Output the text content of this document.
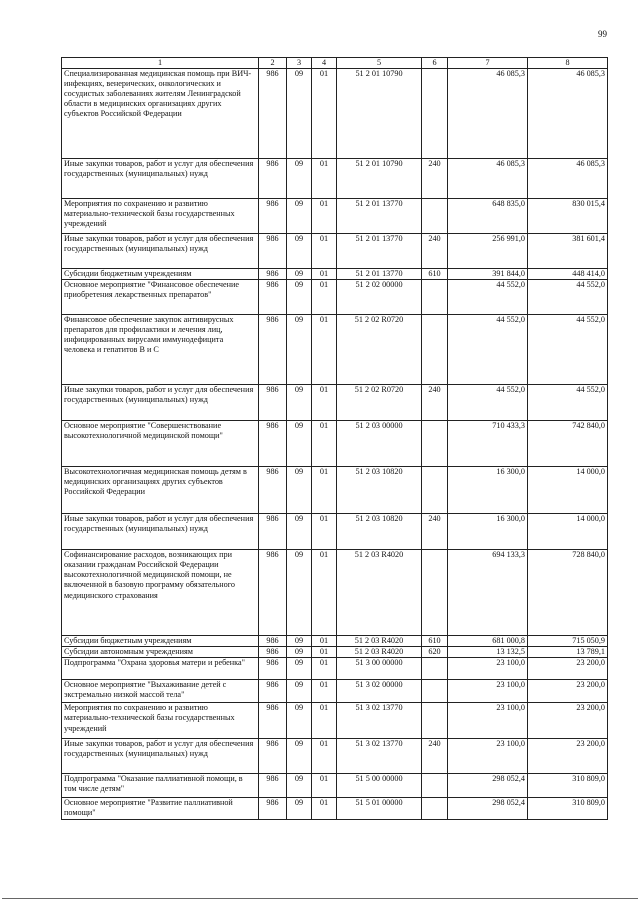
99
1	2	3	4	5	6	7	8
Специализированная медицинская помощь при ВИЧ-инфекциях, венерических, онкологических и сосудистых заболеваниях жителям Ленинградской области в медицинских организациях других субъектов Российской Федерации	986	09	01	51 2 01 10790		46 085,3	46 085,3
Иные закупки товаров, работ и услуг для обеспечения государственных (муниципальных) нужд	986	09	01	51 2 01 10790	240	46 085,3	46 085,3
Мероприятия по сохранению и развитию материально-технической базы государственных учреждений	986	09	01	51 2 01 13770		648 835,0	830 015,4
Иные закупки товаров, работ и услуг для обеспечения государственных (муниципальных) нужд	986	09	01	51 2 01 13770	240	256 991,0	381 601,4
Субсидии бюджетным учреждениям	986	09	01	51 2 01 13770	610	391 844,0	448 414,0
Основное мероприятие "Финансовое обеспечение приобретения лекарственных препаратов"	986	09	01	51 2 02 00000		44 552,0	44 552,0
Финансовое обеспечение закупок антивирусных препаратов для профилактики и лечения лиц, инфицированных вирусами иммунодефицита человека и гепатитов В и С	986	09	01	51 2 02 R0720		44 552,0	44 552,0
Иные закупки товаров, работ и услуг для обеспечения государственных (муниципальных) нужд	986	09	01	51 2 02 R0720	240	44 552,0	44 552,0
Основное мероприятие "Совершенствование высокотехнологичной медицинской помощи"	986	09	01	51 2 03 00000		710 433,3	742 840,0
Высокотехнологичная медицинская помощь детям в медицинских организациях других субъектов Российской Федерации	986	09	01	51 2 03 10820		16 300,0	14 000,0
Иные закупки товаров, работ и услуг для обеспечения государственных (муниципальных) нужд	986	09	01	51 2 03 10820	240	16 300,0	14 000,0
Софинансирование расходов, возникающих при оказании гражданам Российской Федерации высокотехнологичной медицинской помощи, не включенной в базовую программу обязательного медицинского страхования	986	09	01	51 2 03 R4020		694 133,3	728 840,0
Субсидии бюджетным учреждениям	986	09	01	51 2 03 R4020	610	681 000,8	715 050,9
Субсидии автономным учреждениям	986	09	01	51 2 03 R4020	620	13 132,5	13 789,1
Подпрограмма "Охрана здоровья матери и ребенка"	986	09	01	51 3 00 00000		23 100,0	23 200,0
Основное мероприятие "Выхаживание детей с экстремально низкой массой тела"	986	09	01	51 3 02 00000		23 100,0	23 200,0
Мероприятия по сохранению и развитию материально-технической базы государственных учреждений	986	09	01	51 3 02 13770		23 100,0	23 200,0
Иные закупки товаров, работ и услуг для обеспечения государственных (муниципальных) нужд	986	09	01	51 3 02 13770	240	23 100,0	23 200,0
Подпрограмма "Оказание паллиативной помощи, в том числе детям"	986	09	01	51 5 00 00000		298 052,4	310 809,0
Основное мероприятие "Развитие паллиативной помощи"	986	09	01	51 5 01 00000		298 052,4	310 809,0
